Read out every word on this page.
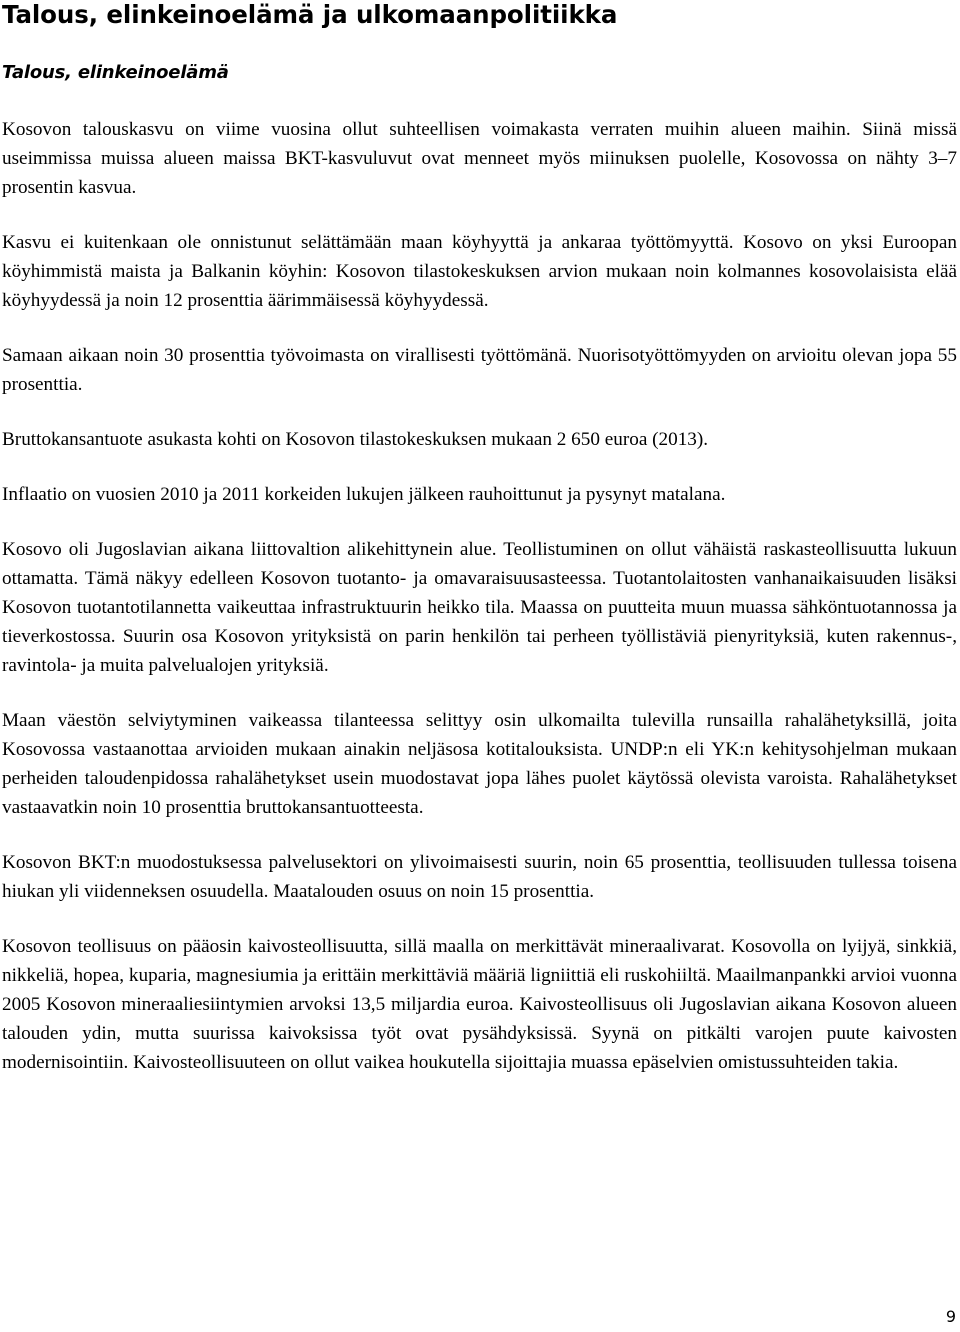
Talous, elinkeinoelämä ja ulkomaanpolitiikka
Talous, elinkeinoelämä

Kosovon talouskasvu on viime vuosina ollut suhteellisen voimakasta verraten muihin alueen maihin. Siinä missä useimmissa muissa alueen maissa BKT-kasvuluvut ovat menneet myös miinuksen puolelle, Kosovossa on nähty 3–7 prosentin kasvua.

Kasvu ei kuitenkaan ole onnistunut selättämään maan köyhyyttä ja ankaraa työttömyyttä. Kosovo on yksi Euroopan köyhimmistä maista ja Balkanin köyhin: Kosovon tilastokeskuksen arvion mukaan noin kolmannes kosovolaisista elää köyhyydessä ja noin 12 prosenttia äärimmäisessä köyhyydessä.

Samaan aikaan noin 30 prosenttia työvoimasta on virallisesti työttömänä. Nuorisotyöttömyyden on arvioitu olevan jopa 55 prosenttia.

Bruttokansantuote asukasta kohti on Kosovon tilastokeskuksen mukaan 2 650 euroa (2013).

Inflaatio on vuosien 2010 ja 2011 korkeiden lukujen jälkeen rauhoittunut ja pysynyt matalana.

Kosovo oli Jugoslavian aikana liittovaltion alikehittynein alue. Teollistuminen on ollut vähäistä raskasteollisuutta lukuun ottamatta. Tämä näkyy edelleen Kosovon tuotanto- ja omavaraisuusasteessa. Tuotantolaitosten vanhanaikaisuuden lisäksi Kosovon tuotantotilannetta vaikeuttaa infrastruktuurin heikko tila. Maassa on puutteita muun muassa sähköntuotannossa ja tieverkostossa. Suurin osa Kosovon yrityksistä on parin henkilön tai perheen työllistäviä pienyrityksiä, kuten rakennus-, ravintola- ja muita palvelualojen yrityksiä.

Maan väestön selviytyminen vaikeassa tilanteessa selittyy osin ulkomailta tulevilla runsailla rahalähetyksillä, joita Kosovossa vastaanottaa arvioiden mukaan ainakin neljäsosa kotitalouksista. UNDP:n eli YK:n kehitysohjelman mukaan perheiden taloudenpidossa rahalähetykset usein muodostavat jopa lähes puolet käytössä olevista varoista. Rahalähetykset vastaavatkin noin 10 prosenttia bruttokansantuotteesta.

Kosovon BKT:n muodostuksessa palvelusektori on ylivoimaisesti suurin, noin 65 prosenttia, teollisuuden tullessa toisena hiukan yli viidenneksen osuudella. Maatalouden osuus on noin 15 prosenttia.

Kosovon teollisuus on pääosin kaivosteollisuutta, sillä maalla on merkittävät mineraalivarat. Kosovolla on lyijyä, sinkkiä, nikkeliä, hopea, kuparia, magnesiumia ja erittäin merkittäviä määriä ligniittiä eli ruskohiiltä. Maailmanpankki arvioi vuonna 2005 Kosovon mineraaliesiintymien arvoksi 13,5 miljardia euroa. Kaivosteollisuus oli Jugoslavian aikana Kosovon alueen talouden ydin, mutta suurissa kaivoksissa työt ovat pysähdyksissä. Syynä on pitkälti varojen puute kaivosten modernisointiin. Kaivosteollisuuteen on ollut vaikea houkutella sijoittajia muassa epäselvien omistussuhteiden takia.

9
